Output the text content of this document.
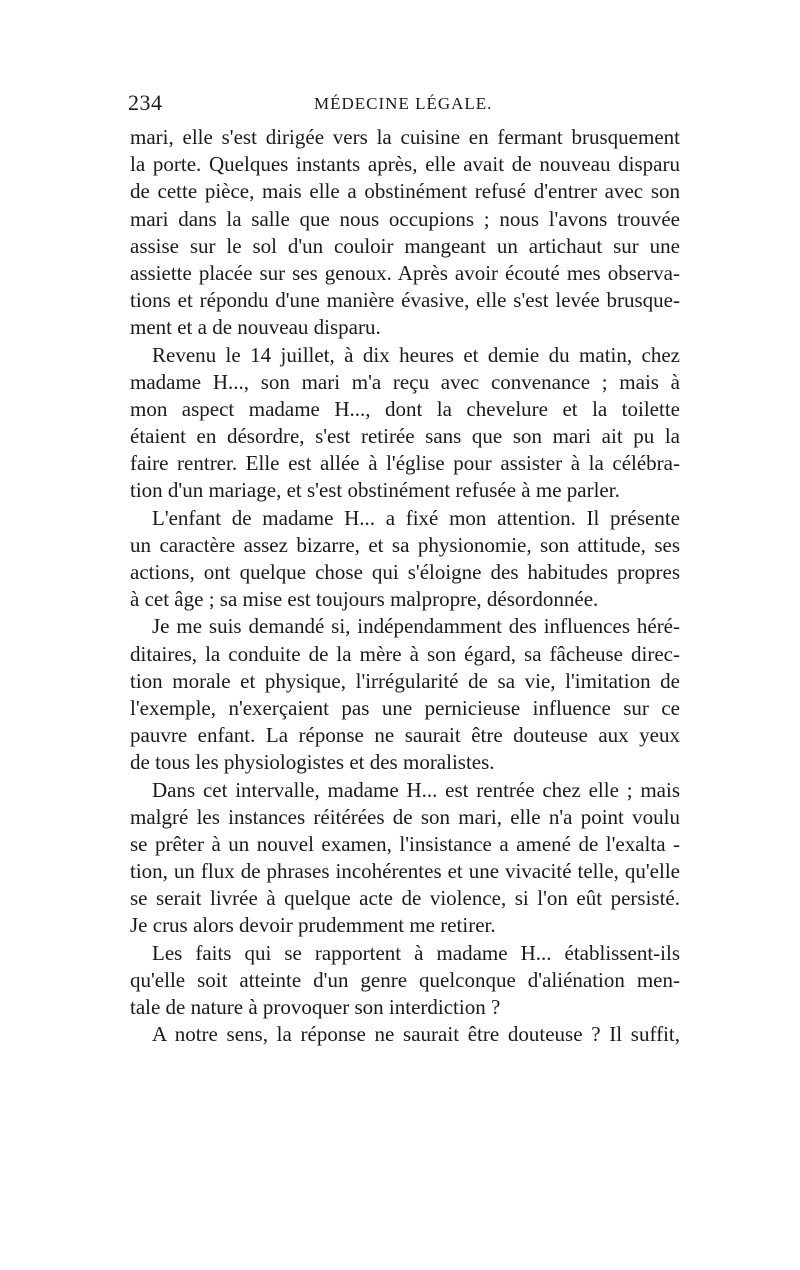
234	MÉDECINE LÉGALE.
mari, elle s'est dirigée vers la cuisine en fermant brusquement
la porte. Quelques instants après, elle avait de nouveau disparu
de cette pièce, mais elle a obstinément refusé d'entrer avec son
mari dans la salle que nous occupions ; nous l'avons trouvée
assise sur le sol d'un couloir mangeant un artichaut sur une
assiette placée sur ses genoux. Après avoir écouté mes observa-
tions et répondu d'une manière évasive, elle s'est levée brusque-
ment et a de nouveau disparu.
Revenu le 14 juillet, à dix heures et demie du matin, chez
madame H..., son mari m'a reçu avec convenance ; mais à
mon aspect madame H..., dont la chevelure et la toilette
étaient en désordre, s'est retirée sans que son mari ait pu la
faire rentrer. Elle est allée à l'église pour assister à la célébra-
tion d'un mariage, et s'est obstinément refusée à me parler.
L'enfant de madame H... a fixé mon attention. Il présente
un caractère assez bizarre, et sa physionomie, son attitude, ses
actions, ont quelque chose qui s'éloigne des habitudes propres
à cet âge ; sa mise est toujours malpropre, désordonnée.
Je me suis demandé si, indépendamment des influences héré-
ditaires, la conduite de la mère à son égard, sa fâcheuse direc-
tion morale et physique, l'irrégularité de sa vie, l'imitation de
l'exemple, n'exerçaient pas une pernicieuse influence sur ce
pauvre enfant. La réponse ne saurait être douteuse aux yeux
de tous les physiologistes et des moralistes.
Dans cet intervalle, madame H... est rentrée chez elle ; mais
malgré les instances réitérées de son mari, elle n'a point voulu
se prêter à un nouvel examen, l'insistance a amené de l'exalta -
tion, un flux de phrases incohérentes et une vivacité telle, qu'elle
se serait livrée à quelque acte de violence, si l'on eût persisté.
Je crus alors devoir prudemment me retirer.
Les faits qui se rapportent à madame H... établissent-ils
qu'elle soit atteinte d'un genre quelconque d'aliénation men-
tale de nature à provoquer son interdiction ?
A notre sens, la réponse ne saurait être douteuse ? Il suffit,
